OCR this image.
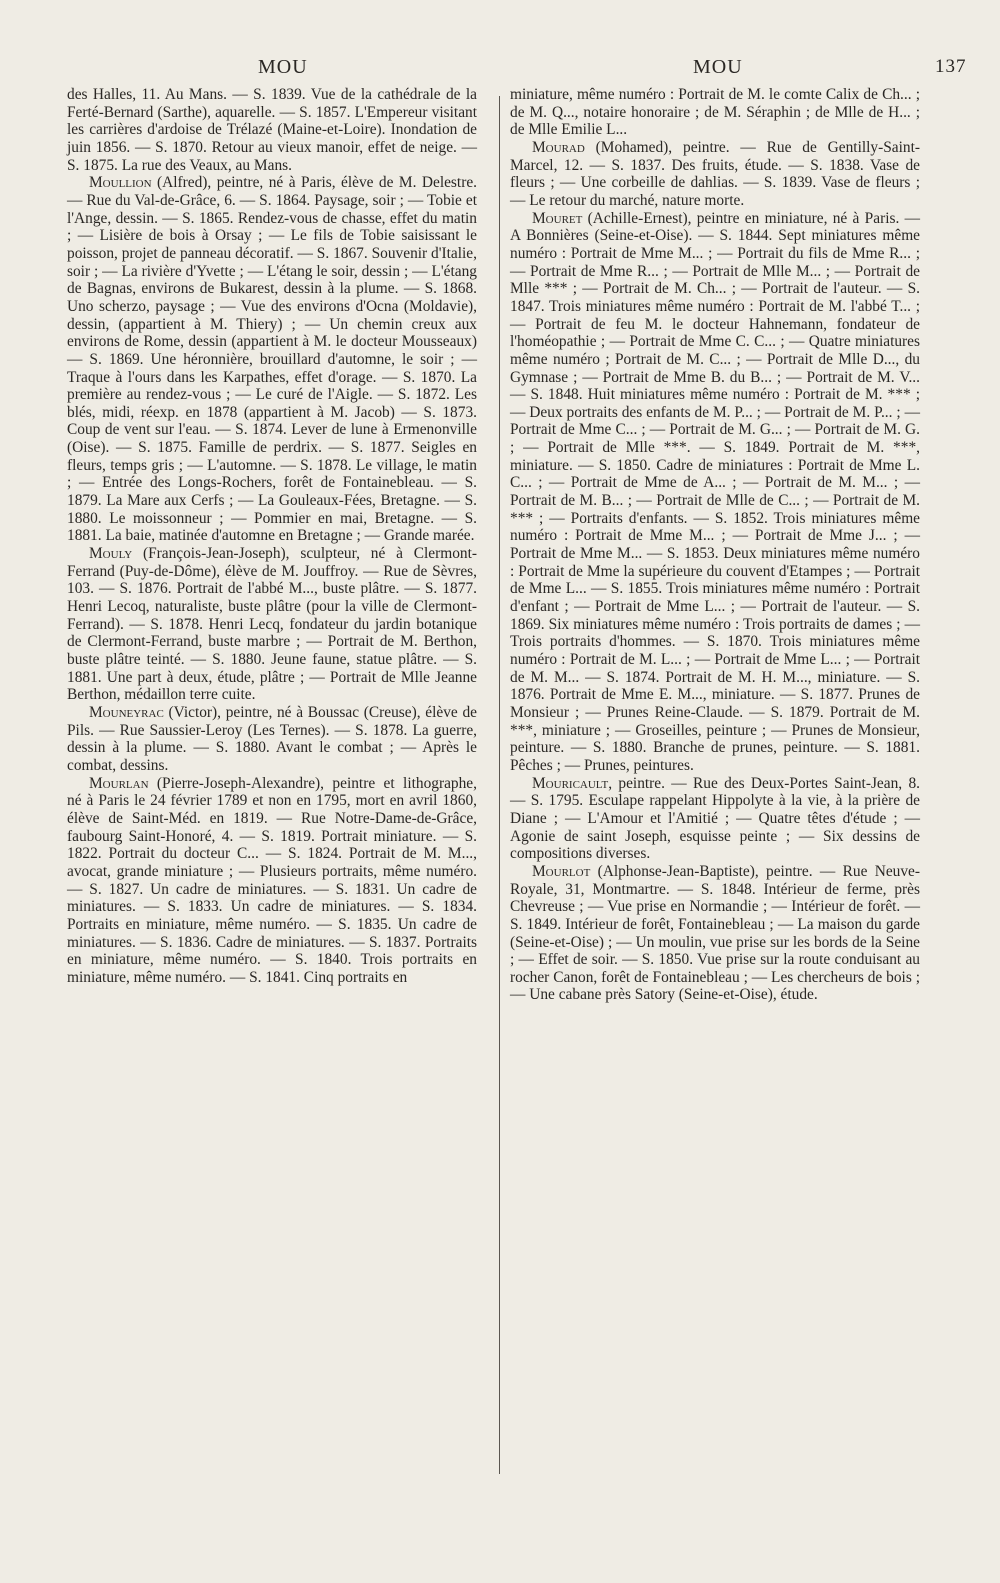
MOU	MOU	137

des Halles, 11. Au Mans. — S. 1839. Vue de la cathédrale de la Ferté-Bernard (Sarthe), aquarelle. — S. 1857. L'Empereur visitant les carrières d'ardoise de Trélazé (Maine-et-Loire). Inondation de juin 1856. — S. 1870. Retour au vieux manoir, effet de neige. — S. 1875. La rue des Veaux, au Mans.

Moullion (Alfred), peintre, né à Paris, élève de M. Delestre. — Rue du Val-de-Grâce, 6. — S. 1864. Paysage, soir ; — Tobie et l'Ange, dessin. — S. 1865. Rendez-vous de chasse, effet du matin ; — Lisière de bois à Orsay ; — Le fils de Tobie saisissant le poisson, projet de panneau décoratif. — S. 1867. Souvenir d'Italie, soir ; — La rivière d'Yvette ; — L'étang le soir, dessin ; — L'étang de Bagnas, environs de Bukarest, dessin à la plume. — S. 1868. Uno scherzo, paysage ; — Vue des environs d'Ocna (Moldavie), dessin, (appartient à M. Thiery) ; — Un chemin creux aux environs de Rome, dessin (appartient à M. le docteur Mousseaux) — S. 1869. Une héronnière, brouillard d'automne, le soir ; — Traque à l'ours dans les Karpathes, effet d'orage. — S. 1870. La première au rendez-vous ; — Le curé de l'Aigle. — S. 1872. Les blés, midi, réexp. en 1878 (appartient à M. Jacob) — S. 1873. Coup de vent sur l'eau. — S. 1874. Lever de lune à Ermenonville (Oise). — S. 1875. Famille de perdrix. — S. 1877. Seigles en fleurs, temps gris ; — L'automne. — S. 1878. Le village, le matin ; — Entrée des Longs-Rochers, forêt de Fontainebleau. — S. 1879. La Mare aux Cerfs ; — La Gouleaux-Fées, Bretagne. — S. 1880. Le moissonneur ; — Pommier en mai, Bretagne. — S. 1881. La baie, matinée d'automne en Bretagne ; — Grande marée.

Mouly (François-Jean-Joseph), sculpteur, né à Clermont-Ferrand (Puy-de-Dôme), élève de M. Jouffroy. — Rue de Sèvres, 103. — S. 1876. Portrait de l'abbé M..., buste plâtre. — S. 1877. Henri Lecoq, naturaliste, buste plâtre (pour la ville de Clermont-Ferrand). — S. 1878. Henri Lecq, fondateur du jardin botanique de Clermont-Ferrand, buste marbre ; — Portrait de M. Berthon, buste plâtre teinté. — S. 1880. Jeune faune, statue plâtre. — S. 1881. Une part à deux, étude, plâtre ; — Portrait de Mlle Jeanne Berthon, médaillon terre cuite.

Mouneyrac (Victor), peintre, né à Boussac (Creuse), élève de Pils. — Rue Saussier-Leroy (Les Ternes). — S. 1878. La guerre, dessin à la plume. — S. 1880. Avant le combat ; — Après le combat, dessins.

Mourlan (Pierre-Joseph-Alexandre), peintre et lithographe, né à Paris le 24 février 1789 et non en 1795, mort en avril 1860, élève de Saint-Méd. en 1819. — Rue Notre-Dame-de-Grâce, faubourg Saint-Honoré, 4. — S. 1819. Portrait miniature. — S. 1822. Portrait du docteur C... — S. 1824. Portrait de M. M..., avocat, grande miniature ; — Plusieurs portraits, même numéro. — S. 1827. Un cadre de miniatures. — S. 1831. Un cadre de miniatures. — S. 1833. Un cadre de miniatures. — S. 1834. Portraits en miniature, même numéro. — S. 1835. Un cadre de miniatures. — S. 1836. Cadre de miniatures. — S. 1837. Portraits en miniature, même numéro. — S. 1840. Trois portraits en miniature, même numéro. — S. 1841. Cinq portraits en

miniature, même numéro : Portrait de M. le comte Calix de Ch... ; de M. Q..., notaire honoraire ; de M. Séraphin ; de Mlle de H... ; de Mlle Emilie L...

Mourad (Mohamed), peintre. — Rue de Gentilly-Saint-Marcel, 12. — S. 1837. Des fruits, étude. — S. 1838. Vase de fleurs ; — Une corbeille de dahlias. — S. 1839. Vase de fleurs ; — Le retour du marché, nature morte.

Mouret (Achille-Ernest), peintre en miniature, né à Paris. — A Bonnières (Seine-et-Oise). — S. 1844. Sept miniatures même numéro : Portrait de Mme M... ; — Portrait du fils de Mme R... ; — Portrait de Mme R... ; — Portrait de Mlle M... ; — Portrait de Mlle *** ; — Portrait de M. Ch... ; — Portrait de l'auteur. — S. 1847. Trois miniatures même numéro : Portrait de M. l'abbé T... ; — Portrait de feu M. le docteur Hahnemann, fondateur de l'homéopathie ; — Portrait de Mme C. C... ; — Quatre miniatures même numéro ; Portrait de M. C... ; — Portrait de Mlle D..., du Gymnase ; — Portrait de Mme B. du B... ; — Portrait de M. V... — S. 1848. Huit miniatures même numéro : Portrait de M. *** ; — Deux portraits des enfants de M. P... ; — Portrait de M. P... ; — Portrait de Mme C... ; — Portrait de M. G... ; — Portrait de M. G. ; — Portrait de Mlle ***. — S. 1849. Portrait de M. ***, miniature. — S. 1850. Cadre de miniatures : Portrait de Mme L. C... ; — Portrait de Mme de A... ; — Portrait de M. M... ; — Portrait de M. B... ; — Portrait de Mlle de C... ; — Portrait de M. *** ; — Portraits d'enfants. — S. 1852. Trois miniatures même numéro : Portrait de Mme M... ; — Portrait de Mme J... ; — Portrait de Mme M... — S. 1853. Deux miniatures même numéro : Portrait de Mme la supérieure du couvent d'Etampes ; — Portrait de Mme L... — S. 1855. Trois miniatures même numéro : Portrait d'enfant ; — Portrait de Mme L... ; — Portrait de l'auteur. — S. 1869. Six miniatures même numéro : Trois portraits de dames ; — Trois portraits d'hommes. — S. 1870. Trois miniatures même numéro : Portrait de M. L... ; — Portrait de Mme L... ; — Portrait de M. M... — S. 1874. Portrait de M. H. M..., miniature. — S. 1876. Portrait de Mme E. M..., miniature. — S. 1877. Prunes de Monsieur ; — Prunes Reine-Claude. — S. 1879. Portrait de M. ***, miniature ; — Groseilles, peinture ; — Prunes de Monsieur, peinture. — S. 1880. Branche de prunes, peinture. — S. 1881. Pêches ; — Prunes, peintures.

Mouricault, peintre. — Rue des Deux-Portes Saint-Jean, 8. — S. 1795. Esculape rappelant Hippolyte à la vie, à la prière de Diane ; — L'Amour et l'Amitié ; — Quatre têtes d'étude ; — Agonie de saint Joseph, esquisse peinte ; — Six dessins de compositions diverses.

Mourlot (Alphonse-Jean-Baptiste), peintre. — Rue Neuve-Royale, 31, Montmartre. — S. 1848. Intérieur de ferme, près Chevreuse ; — Vue prise en Normandie ; — Intérieur de forêt. — S. 1849. Intérieur de forêt, Fontainebleau ; — La maison du garde (Seine-et-Oise) ; — Un moulin, vue prise sur les bords de la Seine ; — Effet de soir. — S. 1850. Vue prise sur la route conduisant au rocher Canon, forêt de Fontainebleau ; — Les chercheurs de bois ; — Une cabane près Satory (Seine-et-Oise), étude.
